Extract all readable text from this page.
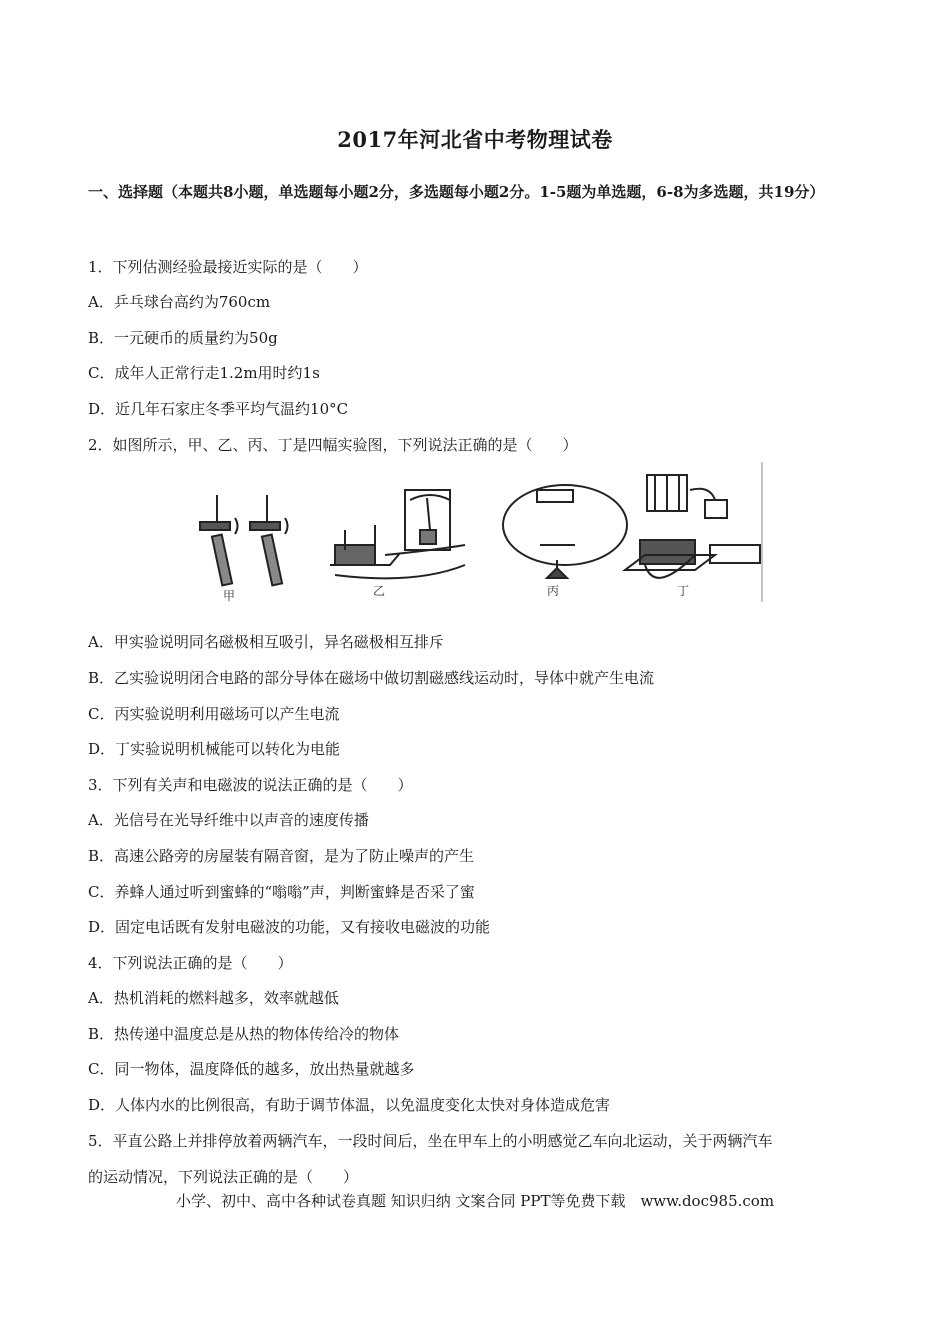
2017年河北省中考物理试卷
一、选择题（本题共8小题，单选题每小题2分，多选题每小题2分。1-5题为单选题，6-8为多选题，共19分）
1．下列估测经验最接近实际的是（　　）
A．乒乓球台高约为760cm
B．一元硬币的质量约为50g
C．成年人正常行走1.2m用时约1s
D．近几年石家庄冬季平均气温约10°C
2．如图所示，甲、乙、丙、丁是四幅实验图，下列说法正确的是（　　）
甲	乙	丙	丁
A．甲实验说明同名磁极相互吸引，异名磁极相互排斥
B．乙实验说明闭合电路的部分导体在磁场中做切割磁感线运动时，导体中就产生电流
C．丙实验说明利用磁场可以产生电流
D．丁实验说明机械能可以转化为电能
3．下列有关声和电磁波的说法正确的是（　　）
A．光信号在光导纤维中以声音的速度传播
B．高速公路旁的房屋装有隔音窗，是为了防止噪声的产生
C．养蜂人通过听到蜜蜂的“嗡嗡”声，判断蜜蜂是否采了蜜
D．固定电话既有发射电磁波的功能，又有接收电磁波的功能
4．下列说法正确的是（　　）
A．热机消耗的燃料越多，效率就越低
B．热传递中温度总是从热的物体传给冷的物体
C．同一物体，温度降低的越多，放出热量就越多
D．人体内水的比例很高，有助于调节体温，以免温度变化太快对身体造成危害
5．平直公路上并排停放着两辆汽车，一段时间后，坐在甲车上的小明感觉乙车向北运动，关于两辆汽车
的运动情况，下列说法正确的是（　　）
小学、初中、高中各种试卷真题 知识归纳 文案合同 PPT等免费下载　www.doc985.com
